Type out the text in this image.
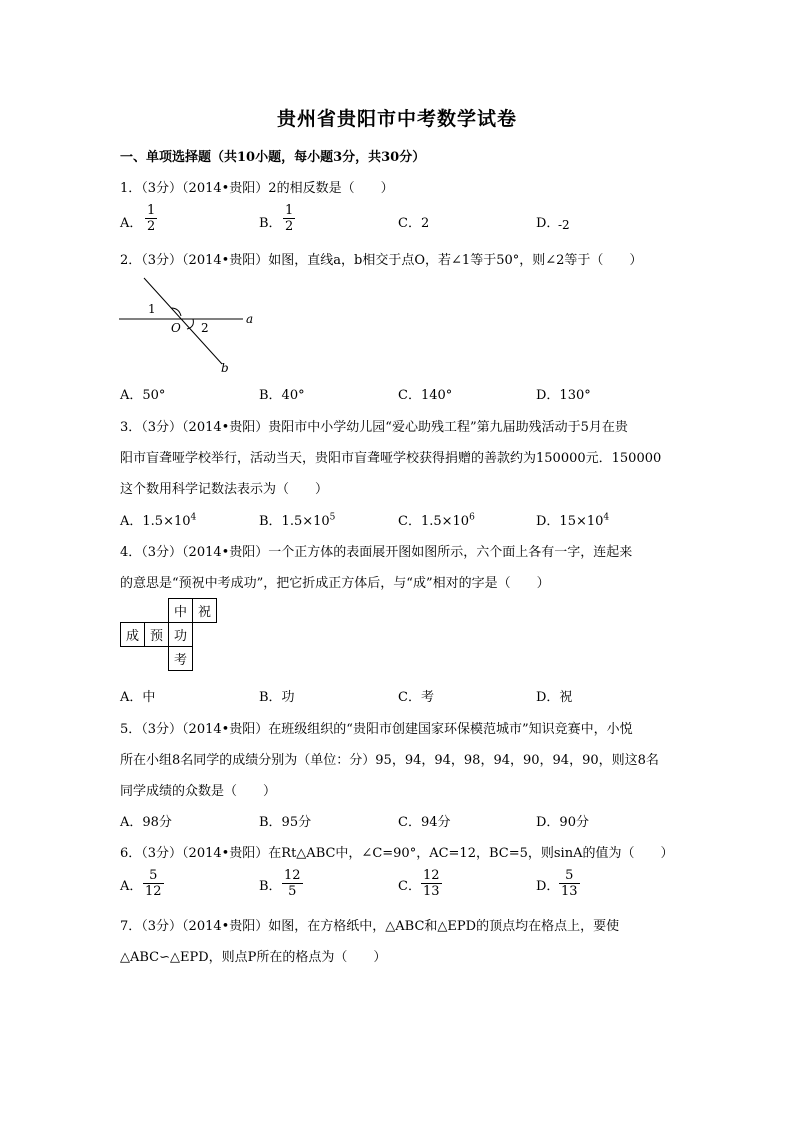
贵州省贵阳市中考数学试卷
一、单项选择题（共10小题，每小题3分，共30分）
1．（3分）（2014•贵阳）2的相反数是（　　）
A．
1
2	B．
1
2	C．2	D．
-2
2．（3分）（2014•贵阳）如图，直线a，b相交于点O，若∠1等于50°，则∠2等于（　　）
1
O 2
a
b
A．50°	B．40°	C．140°	D．130°
3．（3分）（2014•贵阳）贵阳市中小学幼儿园“爱心助残工程”第九届助残活动于5月在贵
阳市盲聋哑学校举行，活动当天，贵阳市盲聋哑学校获得捐赠的善款约为150000元．150000
这个数用科学记数法表示为（　　）
A．$1.5\times 10^4$	B．$1.5\times 10^5$	C．$1.5\times 10^6$	D．$15\times 10^4$
4．（3分）（2014•贵阳）一个正方体的表面展开图如图所示，六个面上各有一字，连起来
的意思是“预祝中考成功”，把它折成正方体后，与“成”相对的字是（　　）
		中	祝
成	预	功	
		考	
A．中	B．功	C．考	D．祝
5．（3分）（2014•贵阳）在班级组织的“贵阳市创建国家环保模范城市”知识竞赛中，小悦
所在小组8名同学的成绩分别为（单位：分）95，94，94，98，94，90，94，90，则这8名
同学成绩的众数是（　　）
A．98分	B．95分	C．94分	D．90分
6．（3分）（2014•贵阳）在Rt△ABC中，∠C=90°，AC=12，BC=5，则sinA的值为（　　）
A．
5
12	B．
12
5	C．
12
13	D．
5
13
7．（3分）（2014•贵阳）如图，在方格纸中，△ABC和△EPD的顶点均在格点上，要使
△ABC∽△EPD，则点P所在的格点为（　　）
